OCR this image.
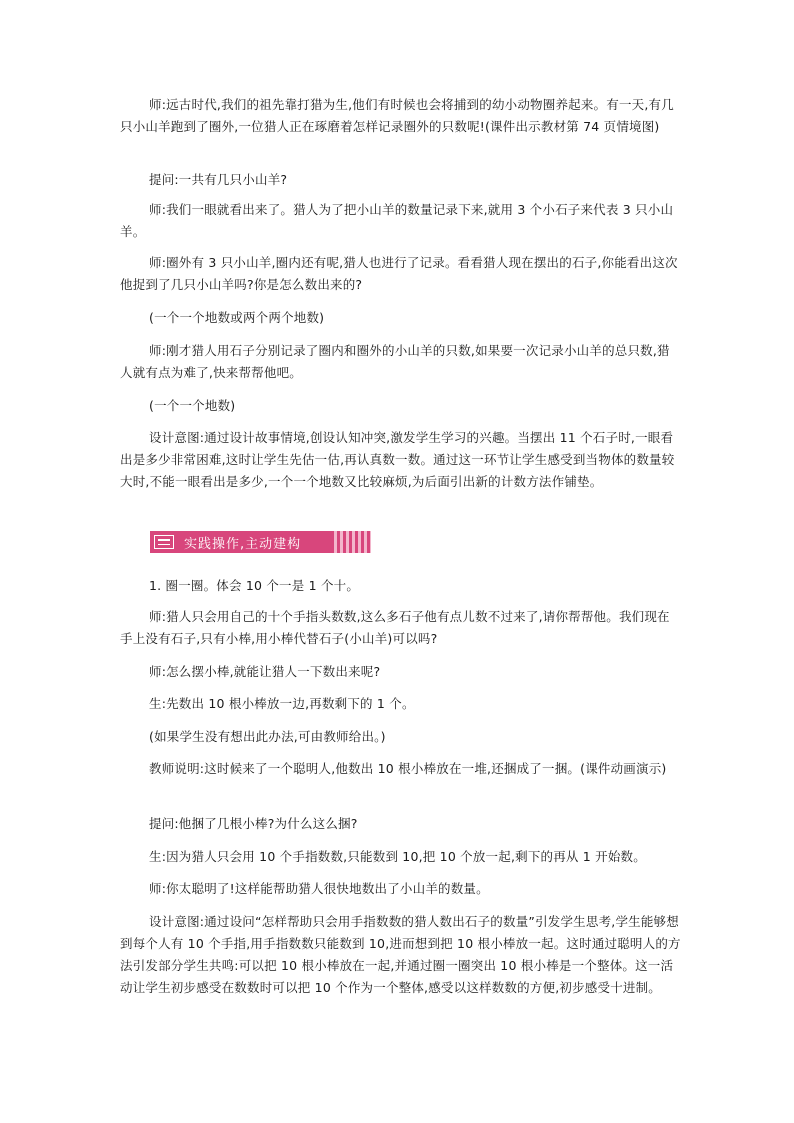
师:远古时代,我们的祖先靠打猎为生,他们有时候也会将捕到的幼小动物圈养起来。有一天,有几只小山羊跑到了圈外,一位猎人正在琢磨着怎样记录圈外的只数呢!(课件出示教材第 74 页情境图)

提问:一共有几只小山羊?

师:我们一眼就看出来了。猎人为了把小山羊的数量记录下来,就用 3 个小石子来代表 3 只小山羊。

师:圈外有 3 只小山羊,圈内还有呢,猎人也进行了记录。看看猎人现在摆出的石子,你能看出这次他捉到了几只小山羊吗?你是怎么数出来的?

(一个一个地数或两个两个地数)

师:刚才猎人用石子分别记录了圈内和圈外的小山羊的只数,如果要一次记录小山羊的总只数,猎人就有点为难了,快来帮帮他吧。

(一个一个地数)

设计意图:通过设计故事情境,创设认知冲突,激发学生学习的兴趣。当摆出 11 个石子时,一眼看出是多少非常困难,这时让学生先估一估,再认真数一数。通过这一环节让学生感受到当物体的数量较大时,不能一眼看出是多少,一个一个地数又比较麻烦,为后面引出新的计数方法作铺垫。

实践操作,主动建构

1. 圈一圈。体会 10 个一是 1 个十。

师:猎人只会用自己的十个手指头数数,这么多石子他有点儿数不过来了,请你帮帮他。我们现在手上没有石子,只有小棒,用小棒代替石子(小山羊)可以吗?

师:怎么摆小棒,就能让猎人一下数出来呢?

生:先数出 10 根小棒放一边,再数剩下的 1 个。

(如果学生没有想出此办法,可由教师给出。)

教师说明:这时候来了一个聪明人,他数出 10 根小棒放在一堆,还捆成了一捆。(课件动画演示)

提问:他捆了几根小棒?为什么这么捆?

生:因为猎人只会用 10 个手指数数,只能数到 10,把 10 个放一起,剩下的再从 1 开始数。

师:你太聪明了!这样能帮助猎人很快地数出了小山羊的数量。

设计意图:通过设问“怎样帮助只会用手指数数的猎人数出石子的数量”引发学生思考,学生能够想到每个人有 10 个手指,用手指数数只能数到 10,进而想到把 10 根小棒放一起。这时通过聪明人的方法引发部分学生共鸣:可以把 10 根小棒放在一起,并通过圈一圈突出 10 根小棒是一个整体。这一活动让学生初步感受在数数时可以把 10 个作为一个整体,感受以这样数数的方便,初步感受十进制。
